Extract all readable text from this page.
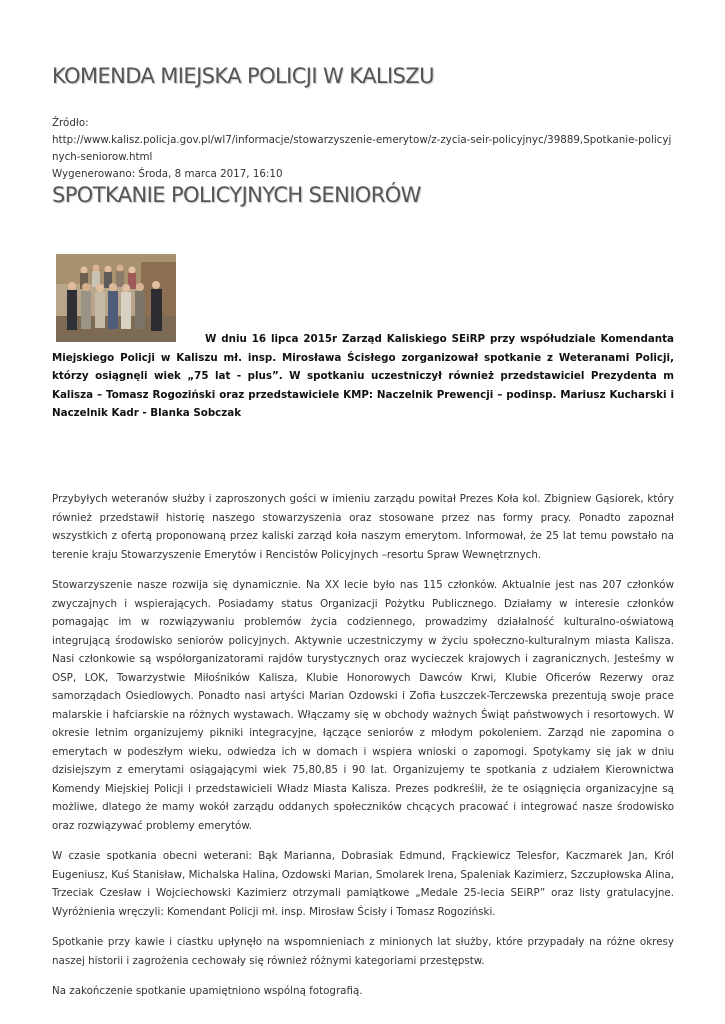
KOMENDA MIEJSKA POLICJI W KALISZU
Źródło:

http://www.kalisz.policja.gov.pl/wl7/informacje/stowarzyszenie-emerytow/z-zycia-seir-policyjnyc/39889,Spotkanie-policyjnych-seniorow.html
Wygenerowano: Środa, 8 marca 2017, 16:10
SPOTKANIE POLICYJNYCH SENIORÓW

W dniu 16 lipca 2015r Zarząd Kaliskiego SEiRP przy współudziale Komendanta Miejskiego Policji w Kaliszu mł. insp. Mirosława Ścisłego zorganizował spotkanie z Weteranami Policji, którzy osiągnęli wiek „75 lat - plus”. W spotkaniu uczestniczył również przedstawiciel Prezydenta m Kalisza – Tomasz Rogoziński oraz przedstawiciele KMP: Naczelnik Prewencji – podinsp. Mariusz Kucharski i Naczelnik Kadr - Blanka Sobczak

Przybyłych weteranów służby i zaproszonych gości w imieniu zarządu powitał Prezes Koła kol. Zbigniew Gąsiorek, który również przedstawił historię naszego stowarzyszenia oraz stosowane przez nas formy pracy. Ponadto zapoznał wszystkich z ofertą proponowaną przez kaliski zarząd koła naszym emerytom. Informował, że 25 lat temu powstało na terenie kraju Stowarzyszenie Emerytów i Rencistów Policyjnych –resortu Spraw Wewnętrznych.

Stowarzyszenie nasze rozwija się dynamicznie. Na XX lecie było nas 115 członków. Aktualnie jest nas 207 członków zwyczajnych i wspierających. Posiadamy status Organizacji Pożytku Publicznego. Działamy w interesie członków pomagając im w rozwiązywaniu problemów życia codziennego, prowadzimy działalność kulturalno-oświatową integrującą środowisko seniorów policyjnych. Aktywnie uczestniczymy w życiu społeczno-kulturalnym miasta Kalisza. Nasi członkowie są współorganizatorami rajdów turystycznych oraz wycieczek krajowych i zagranicznych. Jesteśmy w OSP, LOK, Towarzystwie Miłośników Kalisza, Klubie Honorowych Dawców Krwi, Klubie Oficerów Rezerwy oraz samorządach Osiedlowych. Ponadto nasi artyści Marian Ozdowski i Zofia Łuszczek-Terczewska prezentują swoje prace malarskie i hafciarskie na różnych wystawach. Włączamy się w obchody ważnych Świąt państwowych i resortowych. W okresie letnim organizujemy pikniki integracyjne, łączące seniorów z młodym pokoleniem. Zarząd nie zapomina o emerytach w podeszłym wieku, odwiedza ich w domach i wspiera wnioski o zapomogi. Spotykamy się jak w dniu dzisiejszym z emerytami osiągającymi wiek 75,80,85 i 90 lat. Organizujemy te spotkania z udziałem Kierownictwa Komendy Miejskiej Policji i przedstawicieli Władz Miasta Kalisza. Prezes podkreślił, że te osiągnięcia organizacyjne są możliwe, dlatego że mamy wokół zarządu oddanych społeczników chcących pracować i integrować nasze środowisko oraz rozwiązywać problemy emerytów.

W czasie spotkania obecni weterani: Bąk Marianna, Dobrasiak Edmund, Frąckiewicz Telesfor, Kaczmarek Jan, Król Eugeniusz, Kuś Stanisław, Michalska Halina, Ozdowski Marian, Smolarek Irena, Spaleniak Kazimierz, Szczupłowska Alina, Trzeciak Czesław i Wojciechowski Kazimierz otrzymali pamiątkowe „Medale 25-lecia SEiRP” oraz listy gratulacyjne. Wyróżnienia wręczyli: Komendant Policji mł. insp. Mirosław Ścisły i Tomasz Rogoziński.

Spotkanie przy kawie i ciastku upłynęło na wspomnieniach z minionych lat służby, które przypadały na różne okresy naszej historii i zagrożenia cechowały się również różnymi kategoriami przestępstw.

Na zakończenie spotkanie upamiętniono wspólną fotografią.
